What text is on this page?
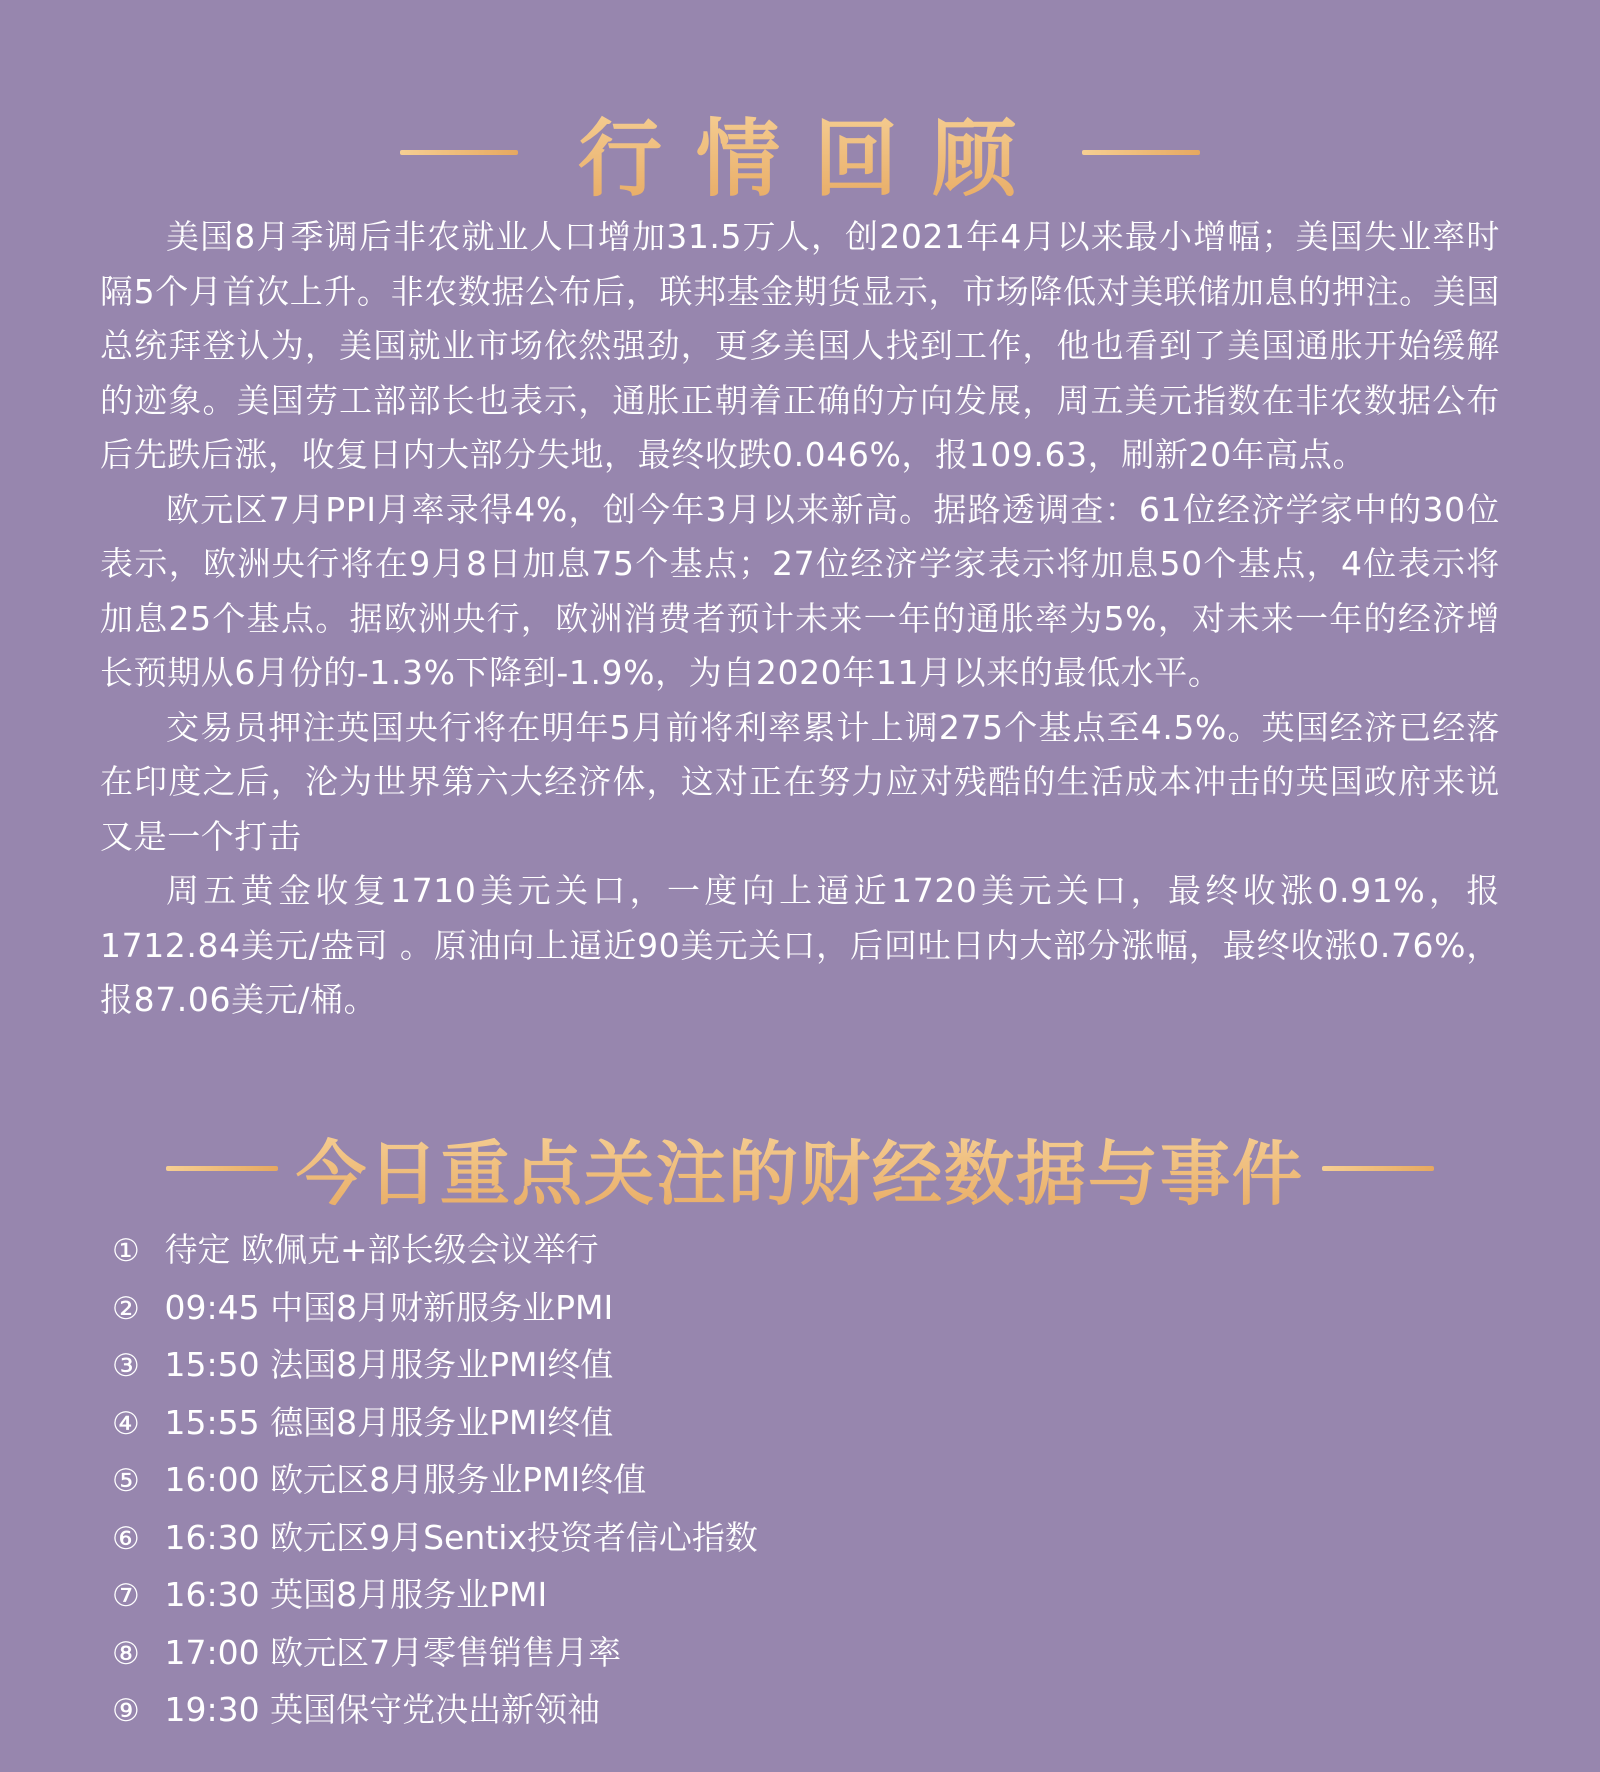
行情回顾

美国8月季调后非农就业人口增加31.5万人，创2021年4月以来最小增幅；美国失业率时隔5个月首次上升。非农数据公布后，联邦基金期货显示，市场降低对美联储加息的押注。美国总统拜登认为，美国就业市场依然强劲，更多美国人找到工作，他也看到了美国通胀开始缓解的迹象。美国劳工部部长也表示，通胀正朝着正确的方向发展，周五美元指数在非农数据公布后先跌后涨，收复日内大部分失地，最终收跌0.046%，报109.63，刷新20年高点。

欧元区7月PPI月率录得4%，创今年3月以来新高。据路透调查：61位经济学家中的30位表示，欧洲央行将在9月8日加息75个基点；27位经济学家表示将加息50个基点，4位表示将加息25个基点。据欧洲央行，欧洲消费者预计未来一年的通胀率为5%，对未来一年的经济增长预期从6月份的-1.3%下降到-1.9%，为自2020年11月以来的最低水平。

交易员押注英国央行将在明年5月前将利率累计上调275个基点至4.5%。英国经济已经落在印度之后，沦为世界第六大经济体，这对正在努力应对残酷的生活成本冲击的英国政府来说又是一个打击

周五黄金收复1710美元关口，一度向上逼近1720美元关口，最终收涨0.91%，报1712.84美元/盎司 。原油向上逼近90美元关口，后回吐日内大部分涨幅，最终收涨0.76%，报87.06美元/桶。

今日重点关注的财经数据与事件
① 待定 欧佩克+部长级会议举行
② 09:45 中国8月财新服务业PMI
③ 15:50 法国8月服务业PMI终值
④ 15:55 德国8月服务业PMI终值
⑤ 16:00 欧元区8月服务业PMI终值
⑥ 16:30 欧元区9月Sentix投资者信心指数
⑦ 16:30 英国8月服务业PMI
⑧ 17:00 欧元区7月零售销售月率
⑨ 19:30 英国保守党决出新领袖
